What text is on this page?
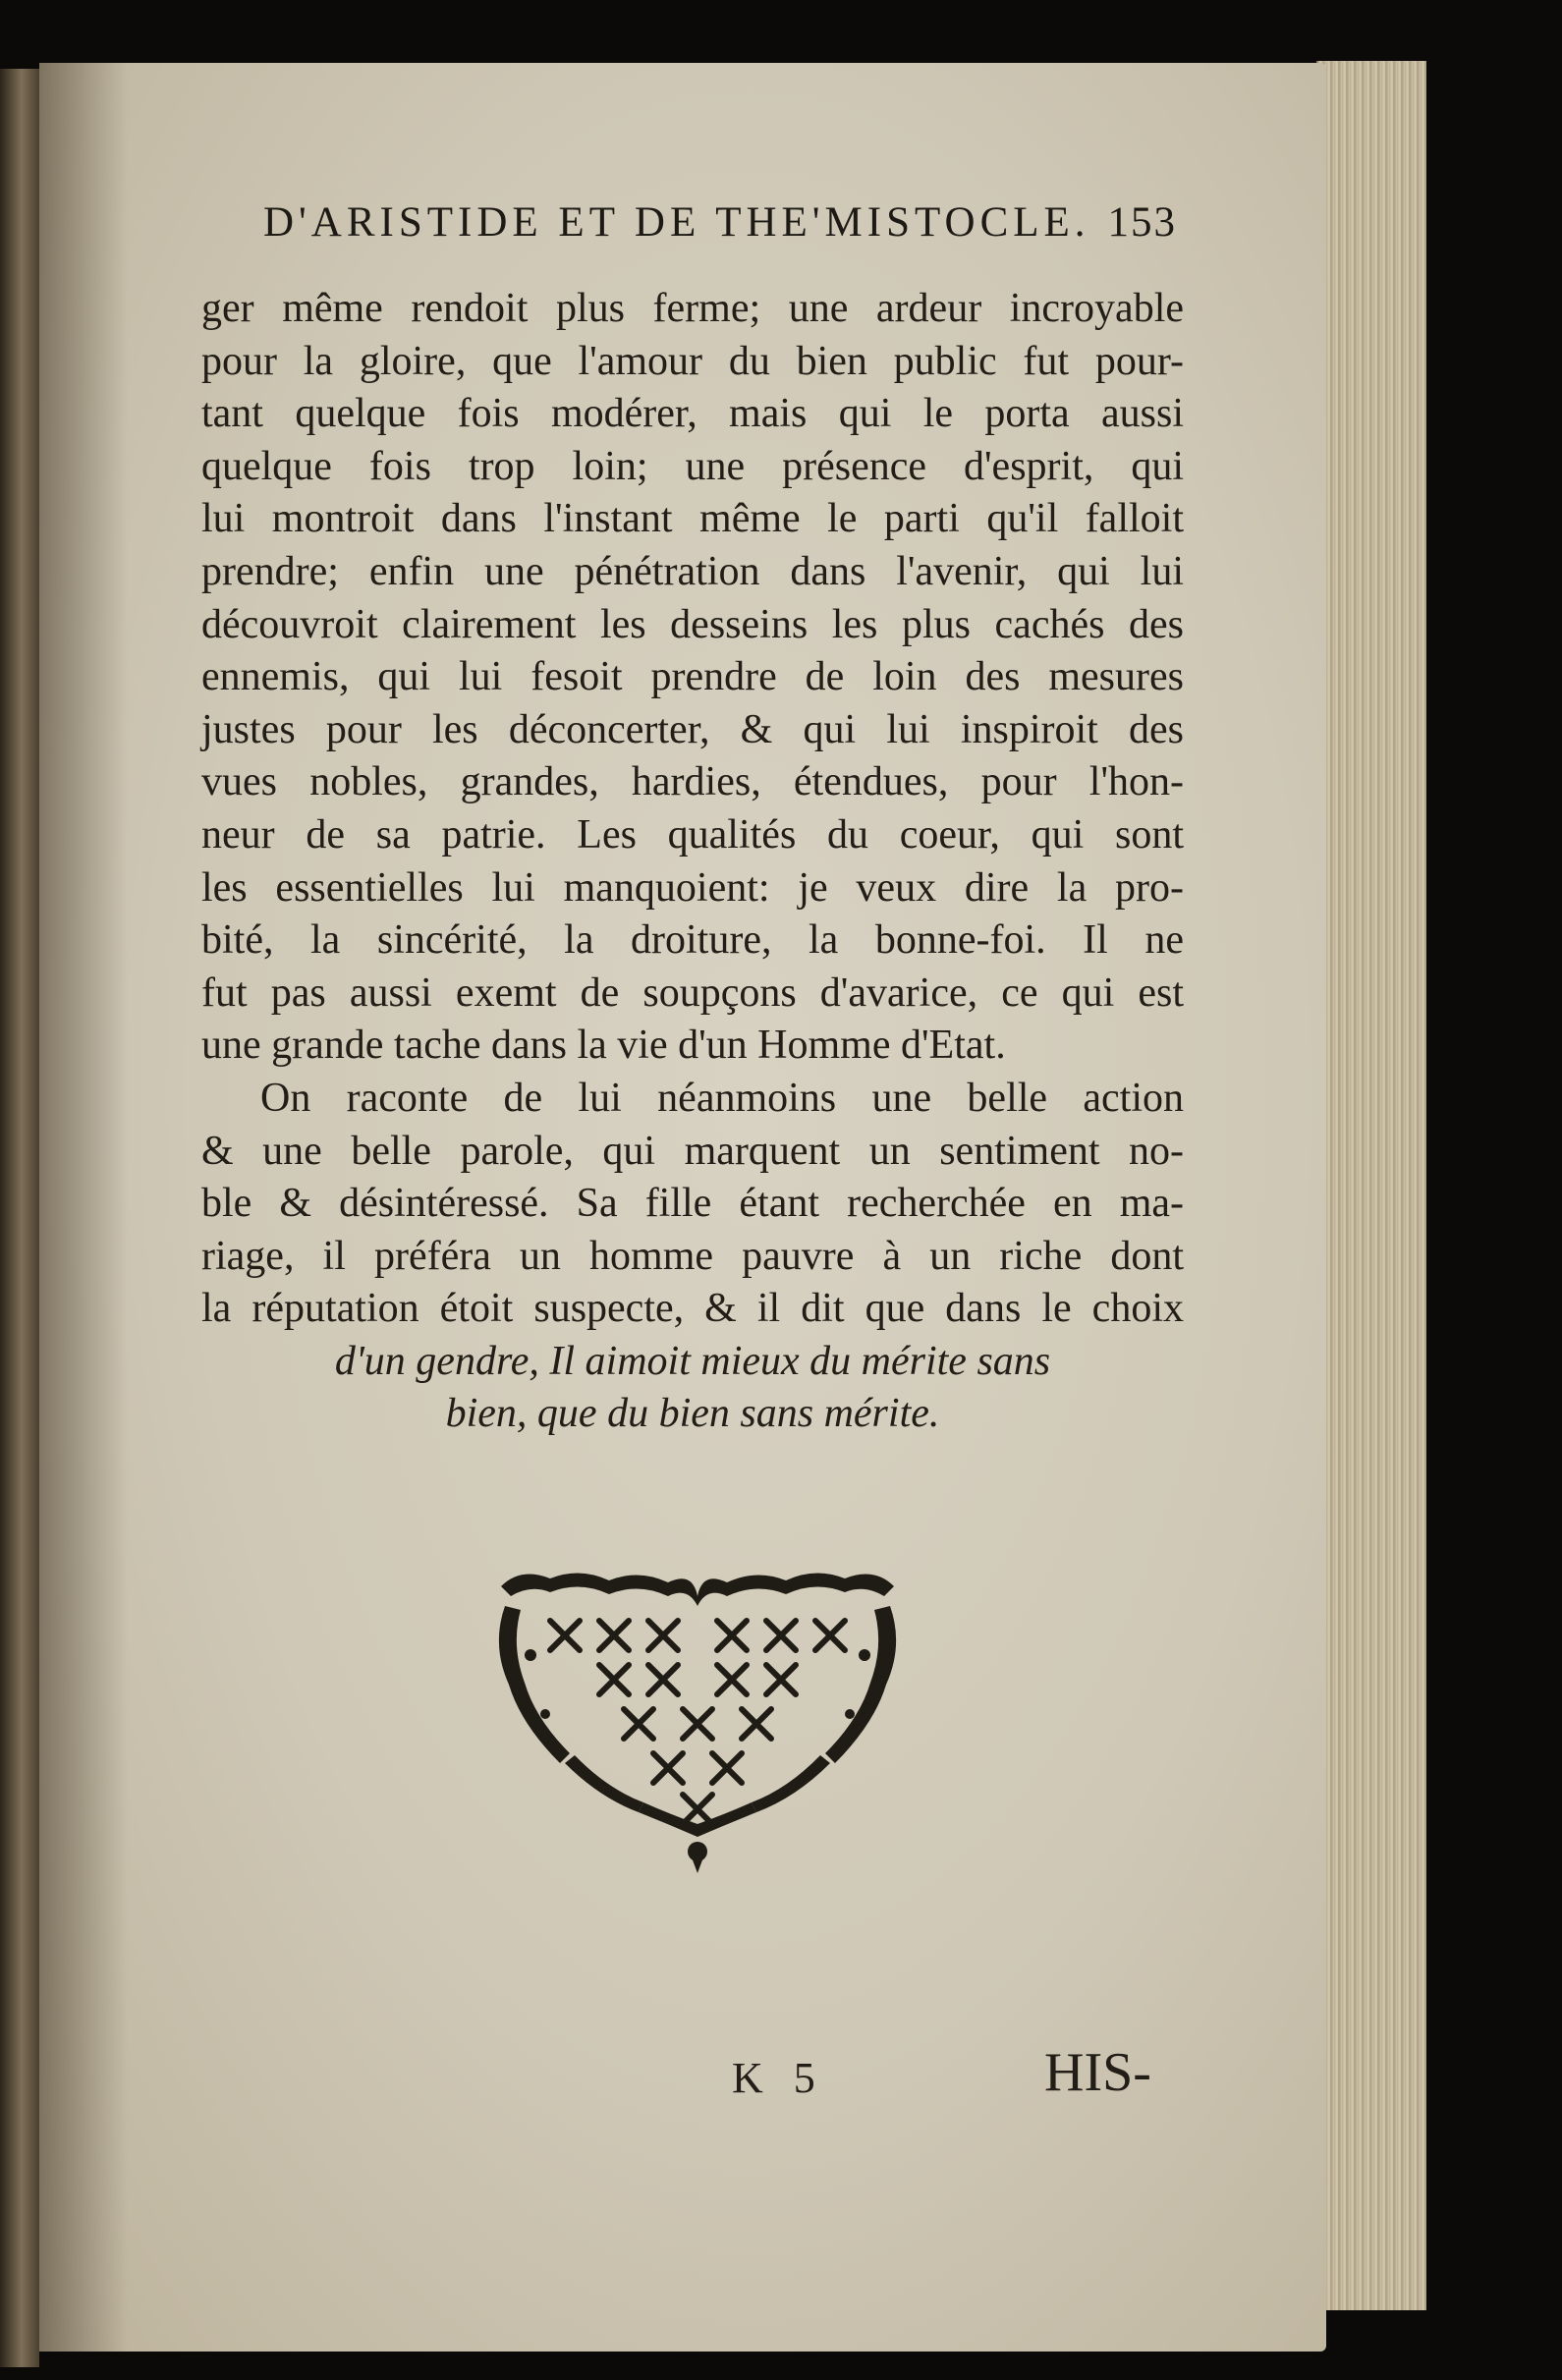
D'ARISTIDE ET DE THE'MISTOCLE. 153
ger même rendoit plus ferme; une ardeur incroyable
pour la gloire, que l'amour du bien public fut pour-
tant quelque fois modérer, mais qui le porta aussi
quelque fois trop loin; une présence d'esprit, qui
lui montroit dans l'instant même le parti qu'il falloit
prendre; enfin une pénétration dans l'avenir, qui lui
découvroit clairement les desseins les plus cachés des
ennemis, qui lui fesoit prendre de loin des mesures
justes pour les déconcerter, & qui lui inspiroit des
vues nobles, grandes, hardies, étendues, pour l'hon-
neur de sa patrie. Les qualités du coeur, qui sont
les essentielles lui manquoient: je veux dire la pro-
bité, la sincérité, la droiture, la bonne-foi. Il ne
fut pas aussi exemt de soupçons d'avarice, ce qui est
une grande tache dans la vie d'un Homme d'Etat.
On raconte de lui néanmoins une belle action
& une belle parole, qui marquent un sentiment no-
ble & désintéressé. Sa fille étant recherchée en ma-
riage, il préféra un homme pauvre à un riche dont
la réputation étoit suspecte, & il dit que dans le choix
d'un gendre, Il aimoit mieux du mérite sans
bien, que du bien sans mérite.
K 5	HIS-
